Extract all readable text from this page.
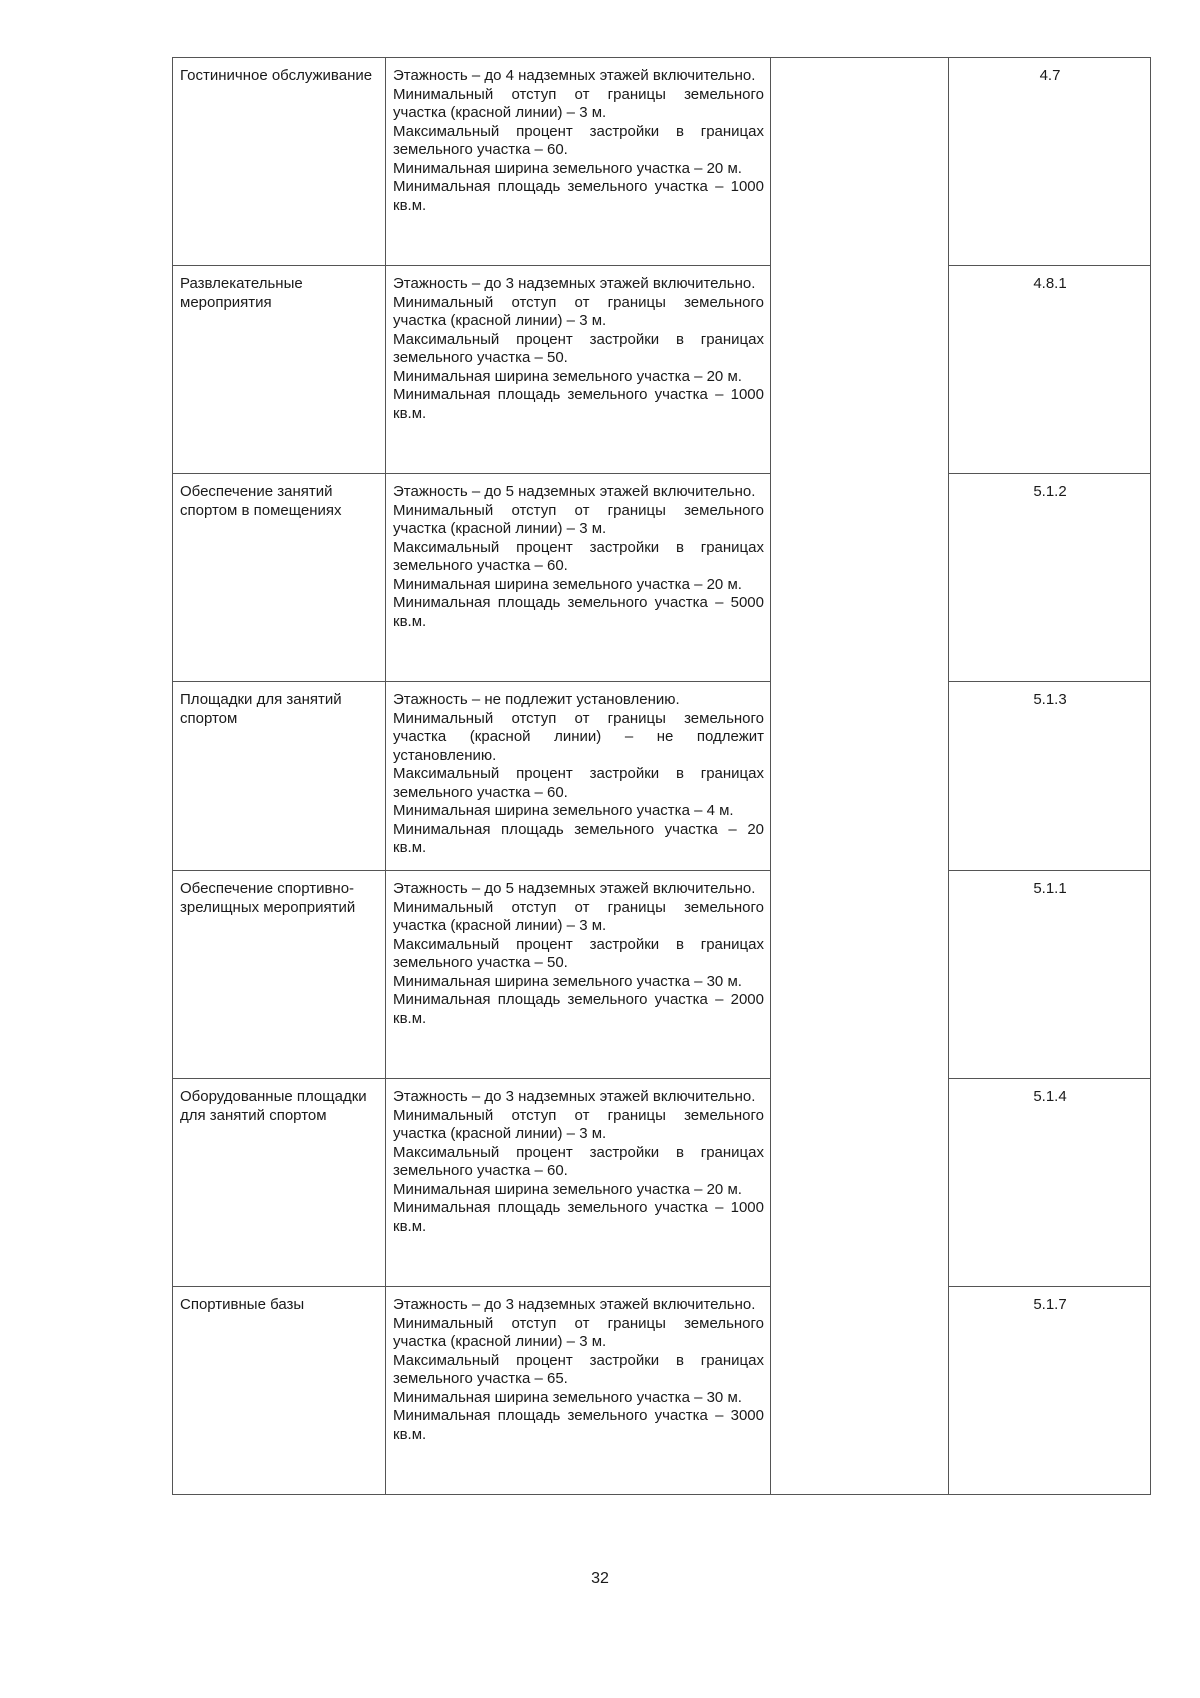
Гостиничное обслуживание	Этажность – до 4 надземных этажей включительно.
Минимальный отступ от границы земельного участка (красной линии) – 3 м.
Максимальный процент застройки в границах земельного участка – 60.
Минимальная ширина земельного участка – 20 м.
Минимальная площадь земельного участка – 1000 кв.м.		4.7
Развлекательные мероприятия	Этажность – до 3 надземных этажей включительно.
Минимальный отступ от границы земельного участка (красной линии) – 3 м.
Максимальный процент застройки в границах земельного участка – 50.
Минимальная ширина земельного участка – 20 м.
Минимальная площадь земельного участка – 1000 кв.м.		4.8.1
Обеспечение занятий спортом в помещениях	Этажность – до 5 надземных этажей включительно.
Минимальный отступ от границы земельного участка (красной линии) – 3 м.
Максимальный процент застройки в границах земельного участка – 60.
Минимальная ширина земельного участка – 20 м.
Минимальная площадь земельного участка – 5000 кв.м.		5.1.2
Площадки для занятий спортом	Этажность – не подлежит установлению.
Минимальный отступ от границы земельного участка (красной линии) – не подлежит установлению.
Максимальный процент застройки в границах земельного участка – 60.
Минимальная ширина земельного участка – 4 м.
Минимальная площадь земельного участка – 20 кв.м.		5.1.3
Обеспечение спортивно-зрелищных мероприятий	Этажность – до 5 надземных этажей включительно.
Минимальный отступ от границы земельного участка (красной линии) – 3 м.
Максимальный процент застройки в границах земельного участка – 50.
Минимальная ширина земельного участка – 30 м.
Минимальная площадь земельного участка – 2000 кв.м.		5.1.1
Оборудованные площадки для занятий спортом	Этажность – до 3 надземных этажей включительно.
Минимальный отступ от границы земельного участка (красной линии) – 3 м.
Максимальный процент застройки в границах земельного участка – 60.
Минимальная ширина земельного участка – 20 м.
Минимальная площадь земельного участка – 1000 кв.м.		5.1.4
Спортивные базы	Этажность – до 3 надземных этажей включительно.
Минимальный отступ от границы земельного участка (красной линии) – 3 м.
Максимальный процент застройки в границах земельного участка – 65.
Минимальная ширина земельного участка – 30 м.
Минимальная площадь земельного участка – 3000 кв.м.		5.1.7
32
